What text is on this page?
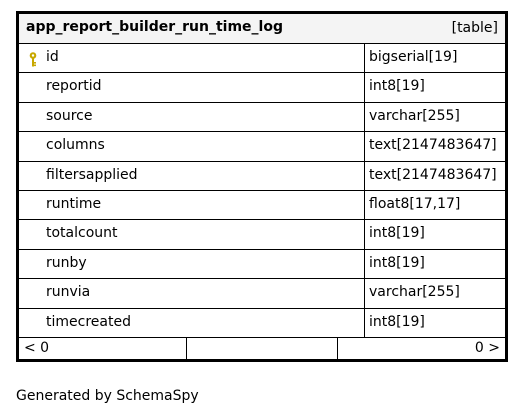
app_report_builder_run_time_log	[table]
id	bigserial[19]
reportid	int8[19]
source	varchar[255]
columns	text[2147483647]
filtersapplied	text[2147483647]
runtime	float8[17,17]
totalcount	int8[19]
runby	int8[19]
runvia	varchar[255]
timecreated	int8[19]
< 0	0 >
Generated by SchemaSpy
